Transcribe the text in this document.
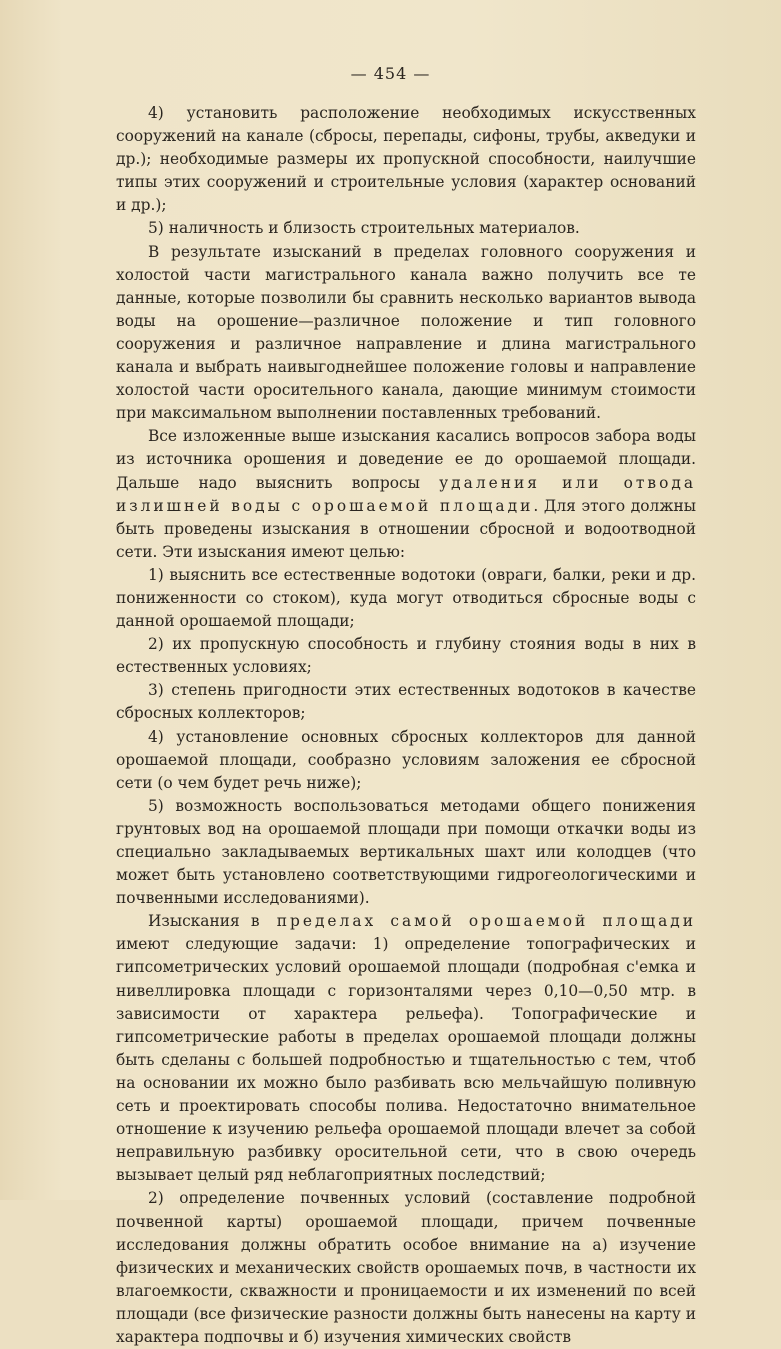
— 454 —

4) установить расположение необходимых искусственных сооружений на канале (сбросы, перепады, сифоны, трубы, акведуки и др.); необходимые размеры их пропускной способности, наилучшие типы этих сооружений и строительные условия (характер оснований и др.);

5) наличность и близость строительных материалов.

В результате изысканий в пределах головного сооружения и холостой части магистрального канала важно получить все те данные, которые позволили бы сравнить несколько вариантов вывода воды на орошение—различное положение и тип головного сооружения и различное направление и длина магистрального канала и выбрать наивыгоднейшее положение головы и направление холостой части оросительного канала, дающие минимум стоимости при максимальном выполнении поставленных требований.

Все изложенные выше изыскания касались вопросов забора воды из источника орошения и доведение ее до орошаемой площади. Дальше надо выяснить вопросы удаления или отвода излишней воды с орошаемой площади. Для этого должны быть проведены изыскания в отношении сбросной и водоотводной сети. Эти изыскания имеют целью:

1) выяснить все естественные водотоки (овраги, балки, реки и др. пониженности со стоком), куда могут отводиться сбросные воды с данной орошаемой площади;

2) их пропускную способность и глубину стояния воды в них в естественных условиях;

3) степень пригодности этих естественных водотоков в качестве сбросных коллекторов;

4) установление основных сбросных коллекторов для данной орошаемой площади, сообразно условиям заложения ее сбросной сети (о чем будет речь ниже);

5) возможность воспользоваться методами общего понижения грунтовых вод на орошаемой площади при помощи откачки воды из специально закладываемых вертикальных шахт или колодцев (что может быть установлено соответствующими гидрогеологическими и почвенными исследованиями).

Изыскания в пределах самой орошаемой площади имеют следующие задачи: 1) определение топографических и гипсометрических условий орошаемой площади (подробная с'емка и нивеллировка площади с горизонталями через 0,10—0,50 мтр. в зависимости от характера рельефа). Топографические и гипсометрические работы в пределах орошаемой площади должны быть сделаны с большей подробностью и тщательностью с тем, чтоб на основании их можно было разбивать всю мельчайшую поливную сеть и проектировать способы полива. Недостаточно внимательное отношение к изучению рельефа орошаемой площади влечет за собой неправильную разбивку оросительной сети, что в свою очередь вызывает целый ряд неблагоприятных последствий;

2) определение почвенных условий (составление подробной почвенной карты) орошаемой площади, причем почвенные исследования должны обратить особое внимание на а) изучение физических и механических свойств орошаемых почв, в частности их влагоемкости, скважности и проницаемости и их изменений по всей площади (все физические разности должны быть нанесены на карту и характера подпочвы и б) изучения химических свойств
